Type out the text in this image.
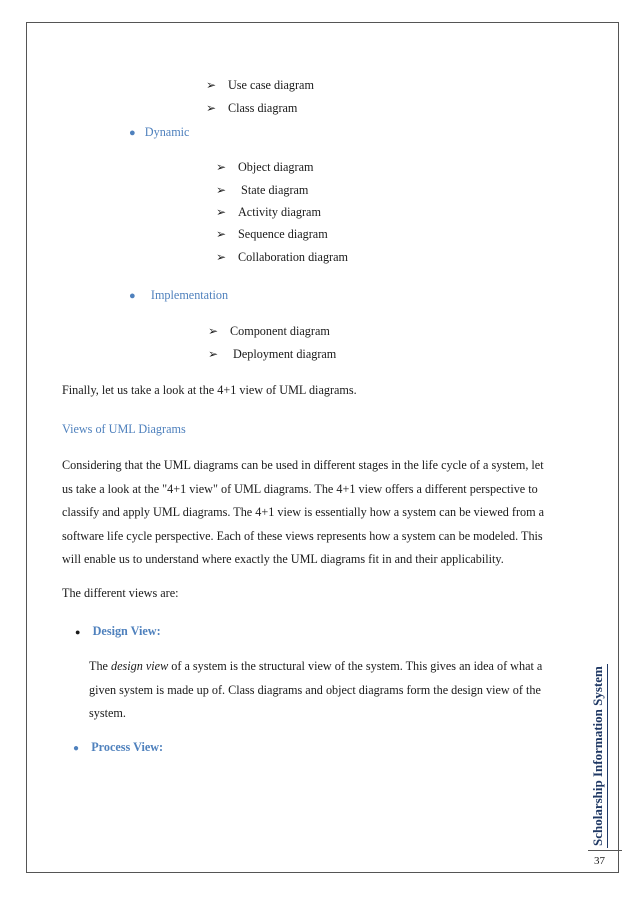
➢ Use case diagram
➢ Class diagram
● Dynamic
➢ Object diagram
➢ State diagram
➢ Activity diagram
➢ Sequence diagram
➢ Collaboration diagram
● Implementation
➢ Component diagram
➢ Deployment diagram
Finally, let us take a look at the 4+1 view of UML diagrams.
Views of UML Diagrams
Considering that the UML diagrams can be used in different stages in the life cycle of a system, let
us take a look at the "4+1 view" of UML diagrams. The 4+1 view offers a different perspective to
classify and apply UML diagrams. The 4+1 view is essentially how a system can be viewed from a
software life cycle perspective. Each of these views represents how a system can be modeled. This
will enable us to understand where exactly the UML diagrams fit in and their applicability.
The different views are:
● Design View:
The design view of a system is the structural view of the system. This gives an idea of what a
given system is made up of. Class diagrams and object diagrams form the design view of the
system.
● Process View:	Scholarship Information System
37
